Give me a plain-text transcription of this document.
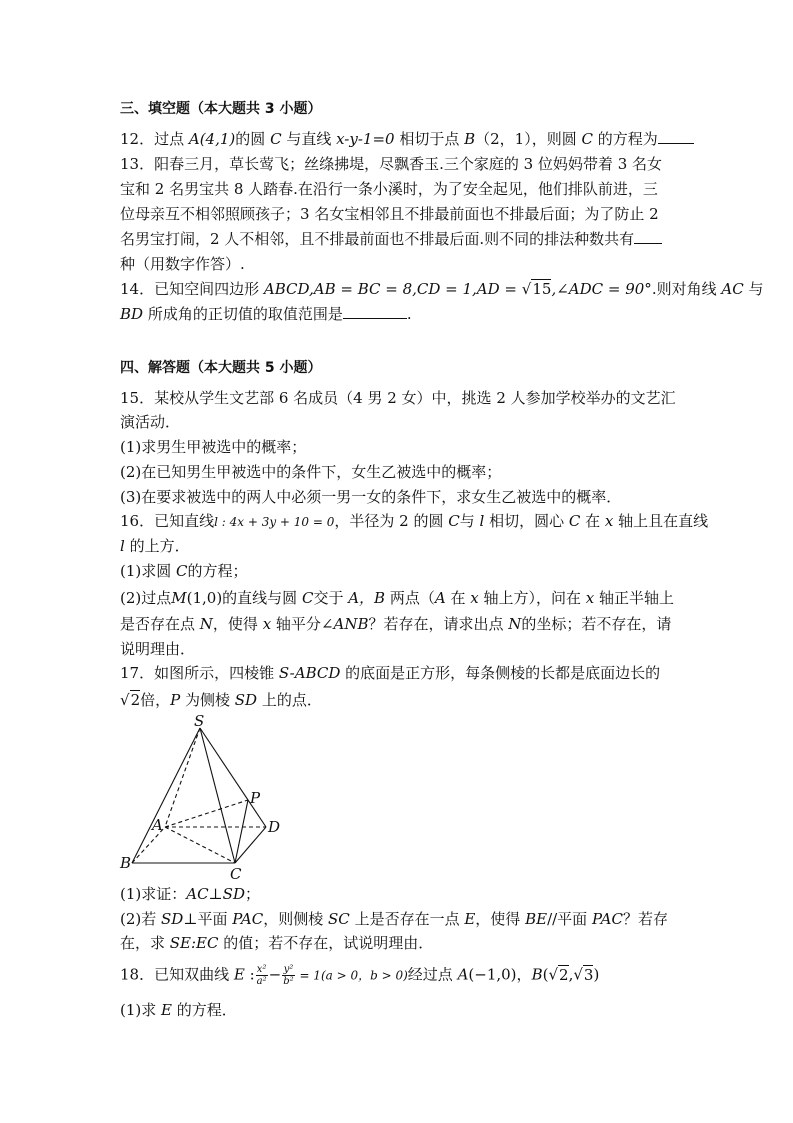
三、填空题（本大题共 3 小题）
12．过点 A(4,1)的圆 C 与直线 x-y-1=0 相切于点 B（2，1），则圆 C 的方程为
13．阳春三月，草长莺飞；丝绦拂堤，尽飘香玉.三个家庭的 3 位妈妈带着 3 名女
宝和 2 名男宝共 8 人踏春.在沿行一条小溪时，为了安全起见，他们排队前进，三
位母亲互不相邻照顾孩子；3 名女宝相邻且不排最前面也不排最后面；为了防止 2
名男宝打闹，2 人不相邻，且不排最前面也不排最后面.则不同的排法种数共有
种（用数字作答）.
14．已知空间四边形 ABCD,AB = BC = 8,CD = 1,AD = √15,∠ADC = 90°.则对角线 AC 与
BD 所成角的正切值的取值范围是	.
四、解答题（本大题共 5 小题）
15．某校从学生文艺部 6 名成员（4 男 2 女）中，挑选 2 人参加学校举办的文艺汇
演活动．
(1)求男生甲被选中的概率；
(2)在已知男生甲被选中的条件下，女生乙被选中的概率；
(3)在要求被选中的两人中必须一男一女的条件下，求女生乙被选中的概率．
16．已知直线l : 4x + 3y + 10 = 0，半径为 2 的圆 C与 l 相切，圆心 C 在 x 轴上且在直线
l 的上方．
(1)求圆 C的方程；
(2)过点M(1,0)的直线与圆 C交于 A，B 两点（A 在 x 轴上方），问在 x 轴正半轴上
是否存在点 N，使得 x 轴平分∠ANB？若存在，请求出点 N的坐标；若不存在，请
说明理由．
17．如图所示，四棱锥 S-ABCD 的底面是正方形，每条侧棱的长都是底面边长的
√2倍，P 为侧棱 SD 上的点．
S
P
A	D
B
C
(1)求证：AC⊥SD；
(2)若 SD⊥平面 PAC，则侧棱 SC 上是否存在一点 E，使得 BE//平面 PAC？若存
在，求 SE:EC 的值；若不存在，试说明理由．
18．已知双曲线 E : $\frac{\text{x²}}{\text{a²}} - \frac{\text{y²}}{\text{b²}} = 1(a > 0$，b > 0)经过点 A(−1,0)，B(√2,√3)
(1)求 E 的方程．
